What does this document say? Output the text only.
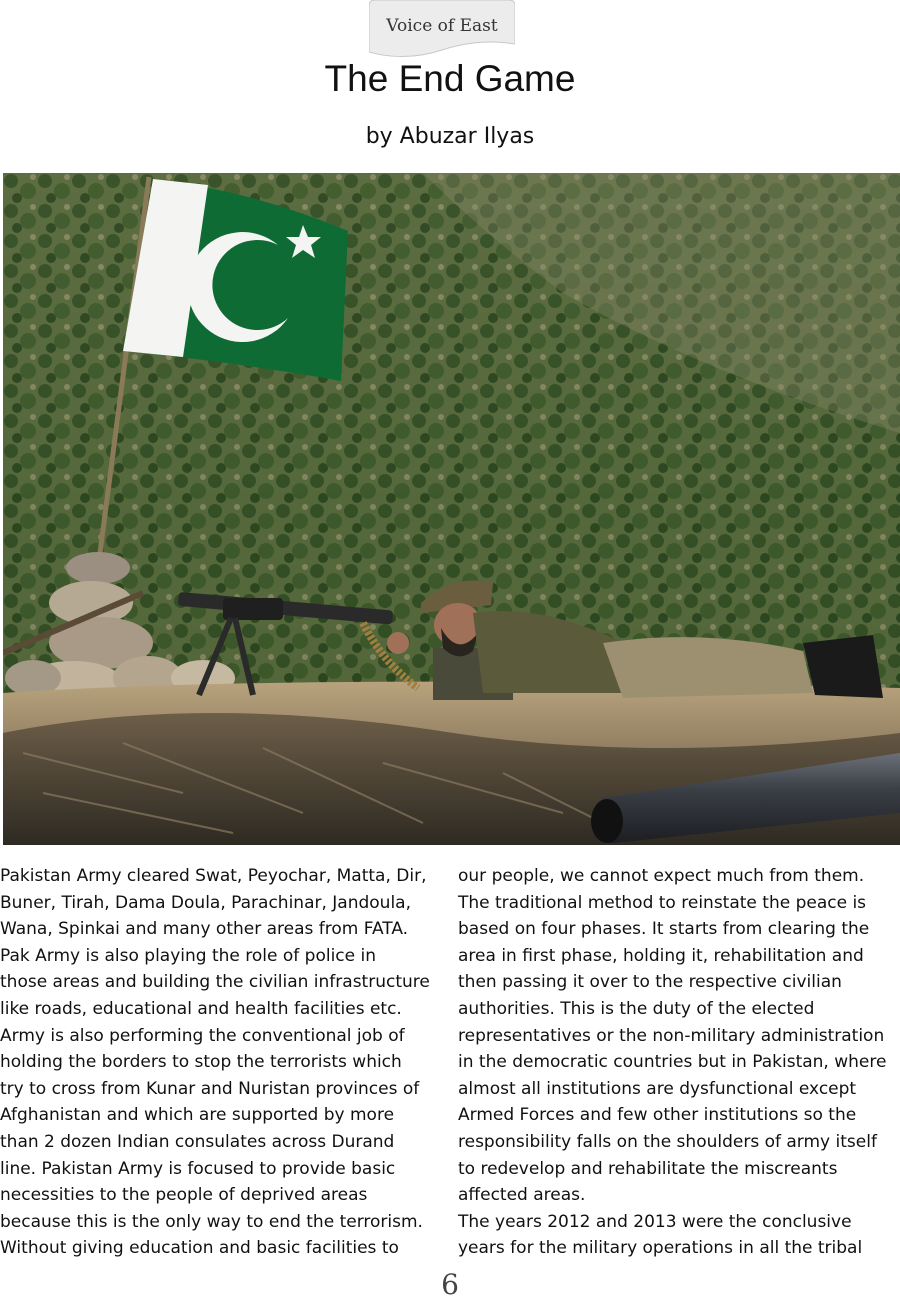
Voice of East
The End Game
by Abuzar Ilyas
Pakistan Army cleared Swat, Peyochar, Matta, Dir,
Buner, Tirah, Dama Doula, Parachinar, Jandoula,
Wana, Spinkai and many other areas from FATA.
Pak Army is also playing the role of police in
those areas and building the civilian infrastructure
like roads, educational and health facilities etc.
Army is also performing the conventional job of
holding the borders to stop the terrorists which
try to cross from Kunar and Nuristan provinces of
Afghanistan and which are supported by more
than 2 dozen Indian consulates across Durand
line. Pakistan Army is focused to provide basic
necessities to the people of deprived areas
because this is the only way to end the terrorism.
Without giving education and basic facilities to
our people, we cannot expect much from them.
The traditional method to reinstate the peace is
based on four phases. It starts from clearing the
area in first phase, holding it, rehabilitation and
then passing it over to the respective civilian
authorities. This is the duty of the elected
representatives or the non-military administration
in the democratic countries but in Pakistan, where
almost all institutions are dysfunctional except
Armed Forces and few other institutions so the
responsibility falls on the shoulders of army itself
to redevelop and rehabilitate the miscreants
affected areas.
The years 2012 and 2013 were the conclusive
years for the military operations in all the tribal
6
